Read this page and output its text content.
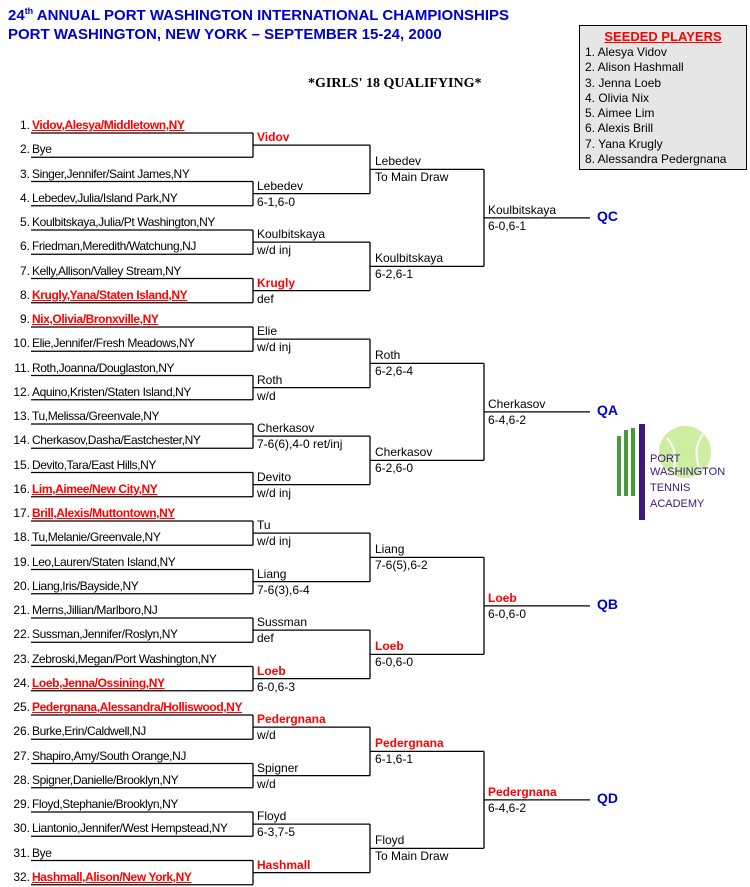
24th ANNUAL PORT WASHINGTON INTERNATIONAL CHAMPIONSHIPS
PORT WASHINGTON, NEW YORK – SEPTEMBER 15-24, 2000
*GIRLS' 18 QUALIFYING*
SEEDED PLAYERS
1. Alesya Vidov
2. Alison Hashmall
3. Jenna Loeb
4. Olivia Nix
5. Aimee Lim
6. Alexis Brill
7. Yana Krugly
8. Alessandra Pedergnana
1. Vidov,Alesya/Middletown,NY
2. Bye
3. Singer,Jennifer/Saint James,NY
4. Lebedev,Julia/Island Park,NY
5. Koulbitskaya,Julia/Pt Washington,NY
6. Friedman,Meredith/Watchung,NJ
7. Kelly,Allison/Valley Stream,NY
8. Krugly,Yana/Staten Island,NY
9. Nix,Olivia/Bronxville,NY
10. Elie,Jennifer/Fresh Meadows,NY
11. Roth,Joanna/Douglaston,NY
12. Aquino,Kristen/Staten Island,NY
13. Tu,Melissa/Greenvale,NY
14. Cherkasov,Dasha/Eastchester,NY
15. Devito,Tara/East Hills,NY
16. Lim,Aimee/New City,NY
17. Brill,Alexis/Muttontown,NY
18. Tu,Melanie/Greenvale,NY
19. Leo,Lauren/Staten Island,NY
20. Liang,Iris/Bayside,NY
21. Merns,Jillian/Marlboro,NJ
22. Sussman,Jennifer/Roslyn,NY
23. Zebroski,Megan/Port Washington,NY
24. Loeb,Jenna/Ossining,NY
25. Pedergnana,Alessandra/Holliswood,NY
26. Burke,Erin/Caldwell,NJ
27. Shapiro,Amy/South Orange,NJ
28. Spigner,Danielle/Brooklyn,NY
29. Floyd,Stephanie/Brooklyn,NY
30. Liantonio,Jennifer/West Hempstead,NY
31. Bye
32. Hashmall,Alison/New York,NY
Vidov
Lebedev
6-1,6-0
Koulbitskaya
w/d inj
Krugly
def
Elie
w/d inj
Roth
w/d
Cherkasov
7-6(6),4-0 ret/inj
Devito
w/d inj
Tu
w/d inj
Liang
7-6(3),6-4
Sussman
def
Loeb
6-0,6-3
Pedergnana
w/d
Spigner
w/d
Floyd
6-3,7-5
Hashmall
Lebedev
To Main Draw
Koulbitskaya
6-2,6-1
Roth
6-2,6-4
Cherkasov
6-2,6-0
Liang
7-6(5),6-2
Loeb
6-0,6-0
Pedergnana
6-1,6-1
Floyd
To Main Draw
Koulbitskaya
6-0,6-1
QC
Cherkasov
6-4,6-2
QA
Loeb
6-0,6-0
QB
Pedergnana
6-4,6-2
QD
PORT
WASHINGTON
TENNIS
ACADEMY
